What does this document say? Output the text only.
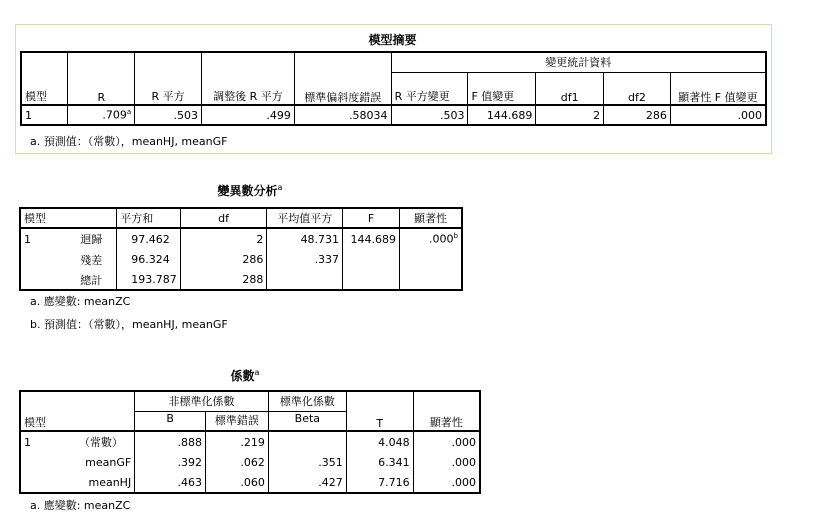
模型摘要
模型	R	R 平方	調整後 R 平方	標準偏斜度錯誤	變更統計資料				
					R 平方變更	F 值變更	df1	df2	顯著性 F 值變更
1	.709$^a$	.503	.499	.58034	.503	144.689	2	286	.000
a. 預測值：（常數），meanHJ, meanGF
變異數分析$^a$
模型		平方和	df	平均值平方	F	顯著性
1	迴歸	97.462	2	48.731	144.689	.000$^b$
	殘差	96.324	286	.337		
	總計	193.787	288			
a. 應變數: meanZC
b. 預測值：（常數），meanHJ, meanGF
係數$^a$
模型		非標準化係數		標準化係數	T	顯著性
		B	標準錯誤	Beta		
1	（常數）	.888	.219		4.048	.000
	meanGF	.392	.062	.351	6.341	.000
	meanHJ	.463	.060	.427	7.716	.000
a. 應變數: meanZC
